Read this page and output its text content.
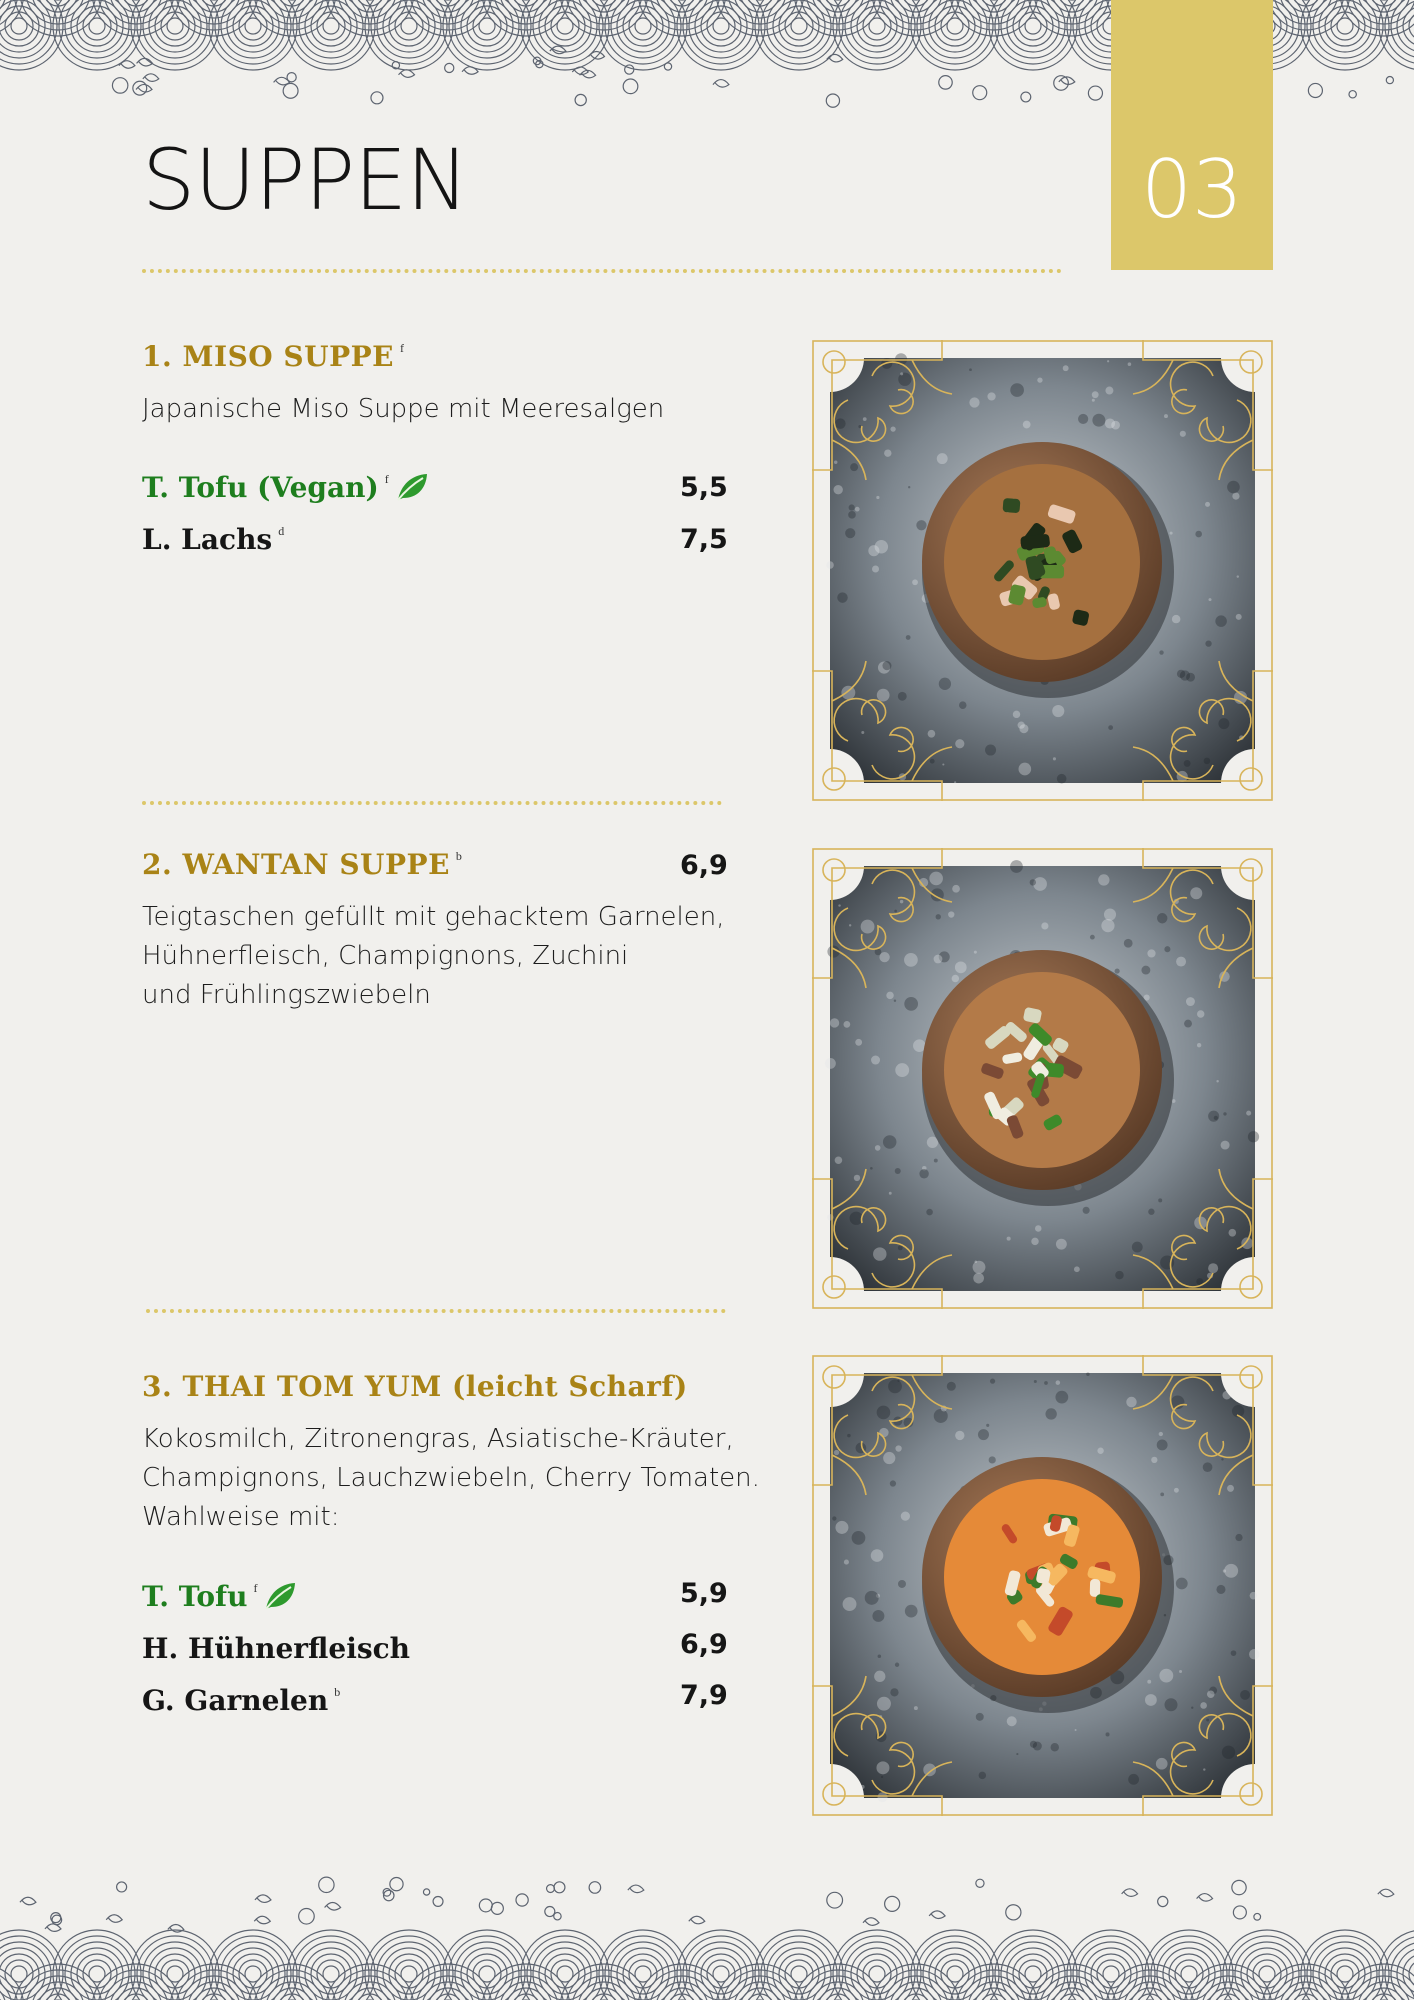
SUPPEN	03
1. MISO SUPPE $^f$

Japanische Miso Suppe mit Meeresalgen

T. Tofu (Vegan) $^f$	5,5
L. Lachs $^d$	7,5
2. WANTAN SUPPE $^b$	6,9

Teigtaschen gefüllt mit gehacktem Garnelen,
Hühnerfleisch, Champignons, Zuchini
und Frühlingszwiebeln

3. THAI TOM YUM (leicht Scharf)

Kokosmilch, Zitronengras, Asiatische-Kräuter,
Champignons, Lauchzwiebeln, Cherry Tomaten.
Wahlweise mit:

T. Tofu $^f$	5,9
H. Hühnerfleisch	6,9
G. Garnelen $^b$	7,9
